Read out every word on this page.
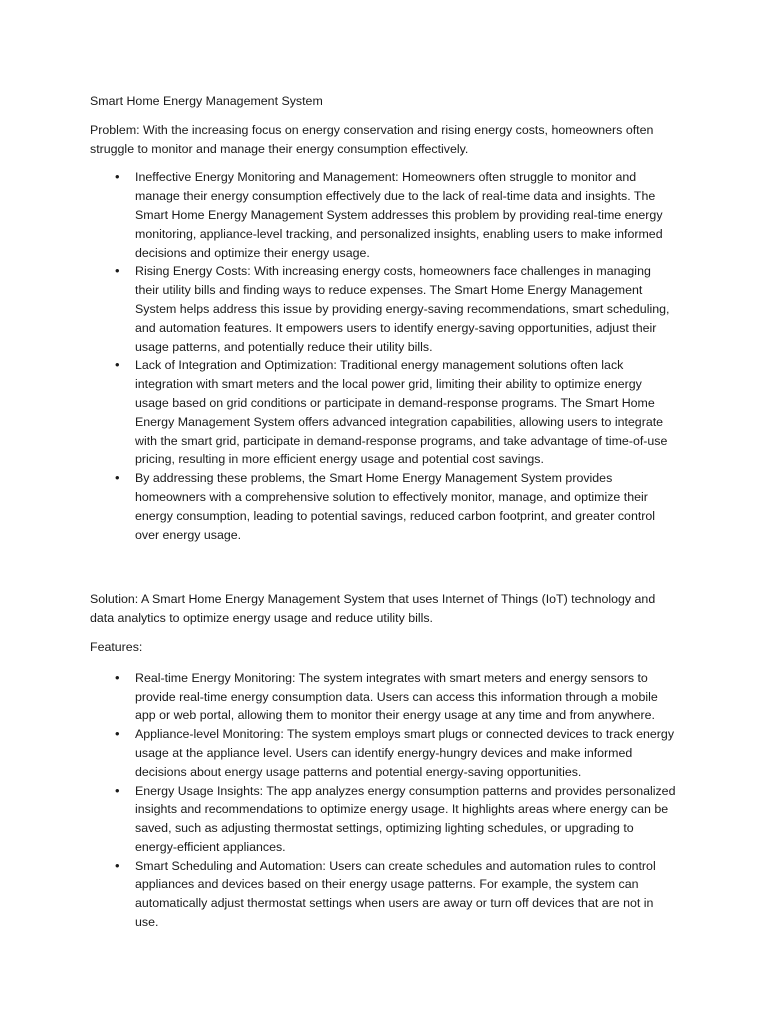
Smart Home Energy Management System

Problem: With the increasing focus on energy conservation and rising energy costs, homeowners often struggle to monitor and manage their energy consumption effectively.

• Ineffective Energy Monitoring and Management: Homeowners often struggle to monitor and manage their energy consumption effectively due to the lack of real-time data and insights. The Smart Home Energy Management System addresses this problem by providing real-time energy monitoring, appliance-level tracking, and personalized insights, enabling users to make informed decisions and optimize their energy usage.
• Rising Energy Costs: With increasing energy costs, homeowners face challenges in managing their utility bills and finding ways to reduce expenses. The Smart Home Energy Management System helps address this issue by providing energy-saving recommendations, smart scheduling, and automation features. It empowers users to identify energy-saving opportunities, adjust their usage patterns, and potentially reduce their utility bills.
• Lack of Integration and Optimization: Traditional energy management solutions often lack integration with smart meters and the local power grid, limiting their ability to optimize energy usage based on grid conditions or participate in demand-response programs. The Smart Home Energy Management System offers advanced integration capabilities, allowing users to integrate with the smart grid, participate in demand-response programs, and take advantage of time-of-use pricing, resulting in more efficient energy usage and potential cost savings.
• By addressing these problems, the Smart Home Energy Management System provides homeowners with a comprehensive solution to effectively monitor, manage, and optimize their energy consumption, leading to potential savings, reduced carbon footprint, and greater control over energy usage.

Solution: A Smart Home Energy Management System that uses Internet of Things (IoT) technology and data analytics to optimize energy usage and reduce utility bills.

Features:

• Real-time Energy Monitoring: The system integrates with smart meters and energy sensors to provide real-time energy consumption data. Users can access this information through a mobile app or web portal, allowing them to monitor their energy usage at any time and from anywhere.
• Appliance-level Monitoring: The system employs smart plugs or connected devices to track energy usage at the appliance level. Users can identify energy-hungry devices and make informed decisions about energy usage patterns and potential energy-saving opportunities.
• Energy Usage Insights: The app analyzes energy consumption patterns and provides personalized insights and recommendations to optimize energy usage. It highlights areas where energy can be saved, such as adjusting thermostat settings, optimizing lighting schedules, or upgrading to energy-efficient appliances.
• Smart Scheduling and Automation: Users can create schedules and automation rules to control appliances and devices based on their energy usage patterns. For example, the system can automatically adjust thermostat settings when users are away or turn off devices that are not in use.
